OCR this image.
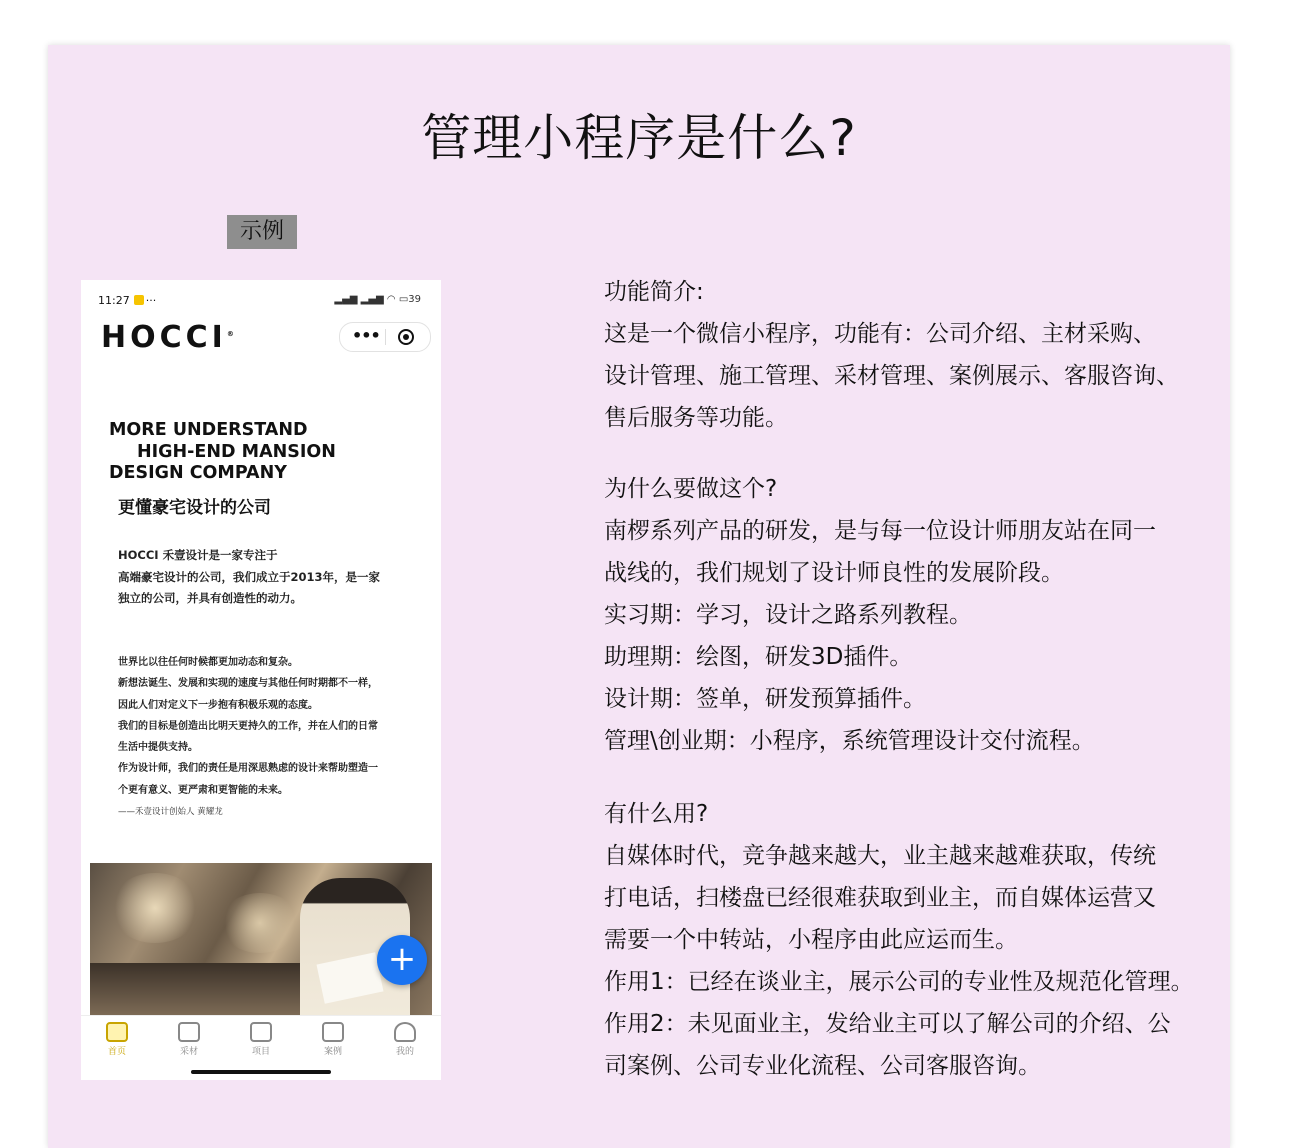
管理小程序是什么?
示例
11:27 ···	▂▄▆ ▂▄▆ ◠ ▭39
HOCCI®	•••
MORE UNDERSTAND
HIGH-END MANSION
DESIGN COMPANY
更懂豪宅设计的公司
HOCCI 禾壹设计是一家专注于
高端豪宅设计的公司，我们成立于2013年，是一家
独立的公司，并具有创造性的动力。
世界比以往任何时候都更加动态和复杂。
新想法诞生、发展和实现的速度与其他任何时期都不一样，
因此人们对定义下一步抱有积极乐观的态度。
我们的目标是创造出比明天更持久的工作，并在人们的日常
生活中提供支持。
作为设计师，我们的责任是用深思熟虑的设计来帮助塑造一
个更有意义、更严肃和更智能的未来。
——禾壹设计创始人 黄耀龙
+
首页	采材	项目	案例	我的
功能简介:
这是一个微信小程序，功能有：公司介绍、主材采购、
设计管理、施工管理、采材管理、案例展示、客服咨询、
售后服务等功能。
为什么要做这个?
南椤系列产品的研发，是与每一位设计师朋友站在同一
战线的，我们规划了设计师良性的发展阶段。
实习期：学习，设计之路系列教程。
助理期：绘图，研发3D插件。
设计期：签单，研发预算插件。
管理\创业期：小程序，系统管理设计交付流程。
有什么用?
自媒体时代，竞争越来越大，业主越来越难获取，传统
打电话，扫楼盘已经很难获取到业主，而自媒体运营又
需要一个中转站，小程序由此应运而生。
作用1：已经在谈业主，展示公司的专业性及规范化管理。
作用2：未见面业主，发给业主可以了解公司的介绍、公
司案例、公司专业化流程、公司客服咨询。
